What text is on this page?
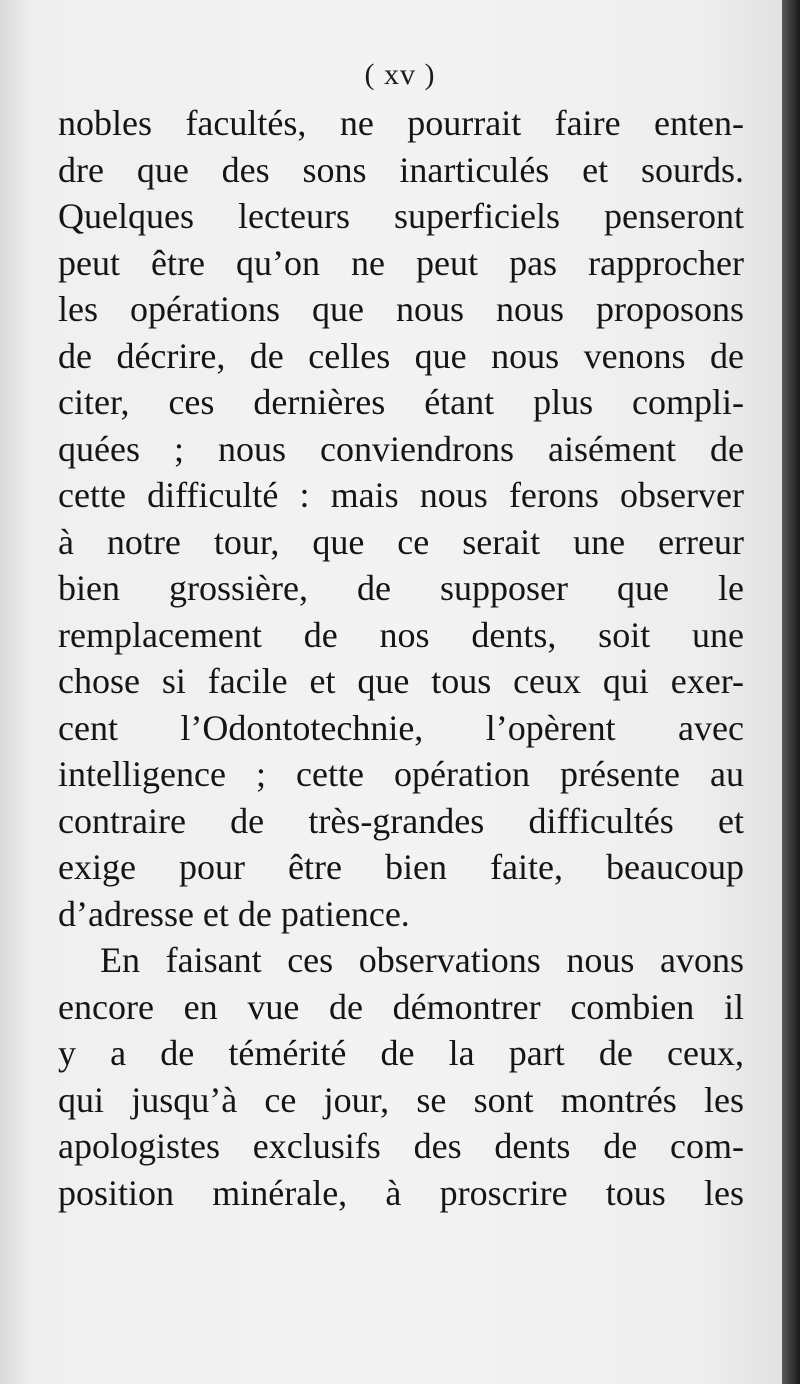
( xv )
nobles facultés, ne pourrait faire enten-
dre que des sons inarticulés et sourds.
Quelques lecteurs superficiels penseront
peut être qu’on ne peut pas rapprocher
les opérations que nous nous proposons
de décrire, de celles que nous venons de
citer, ces dernières étant plus compli-
quées ; nous conviendrons aisément de
cette difficulté : mais nous ferons observer
à notre tour, que ce serait une erreur
bien grossière, de supposer que le
remplacement de nos dents, soit une
chose si facile et que tous ceux qui exer-
cent l’Odontotechnie, l’opèrent avec
intelligence ; cette opération présente au
contraire de très-grandes difficultés et
exige pour être bien faite, beaucoup
d’adresse et de patience.
En faisant ces observations nous avons
encore en vue de démontrer combien il
y a de témérité de la part de ceux,
qui jusqu’à ce jour, se sont montrés les
apologistes exclusifs des dents de com-
position minérale, à proscrire tous les
